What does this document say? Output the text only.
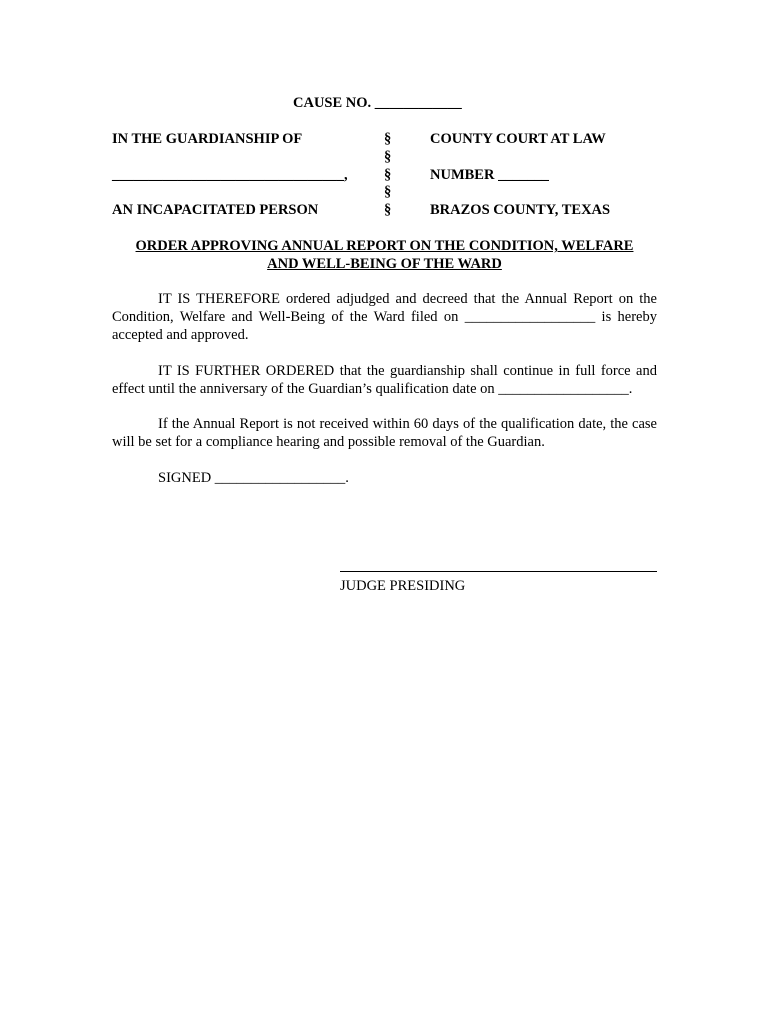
CAUSE NO. ____________
IN THE GUARDIANSHIP OF
________________________________,
AN INCAPACITATED PERSON
§
§
§
§
§
COUNTY COURT AT LAW
NUMBER _______
BRAZOS COUNTY, TEXAS
ORDER APPROVING ANNUAL REPORT ON THE CONDITION, WELFARE
AND WELL-BEING OF THE WARD
IT IS THEREFORE ordered adjudged and decreed that the Annual Report on the Condition, Welfare and Well-Being of the Ward filed on __________________ is hereby accepted and approved.
IT IS FURTHER ORDERED that the guardianship shall continue in full force and effect until the anniversary of the Guardian’s qualification date on __________________.
If the Annual Report is not received within 60 days of the qualification date, the case will be set for a compliance hearing and possible removal of the Guardian.
SIGNED __________________.
JUDGE PRESIDING
